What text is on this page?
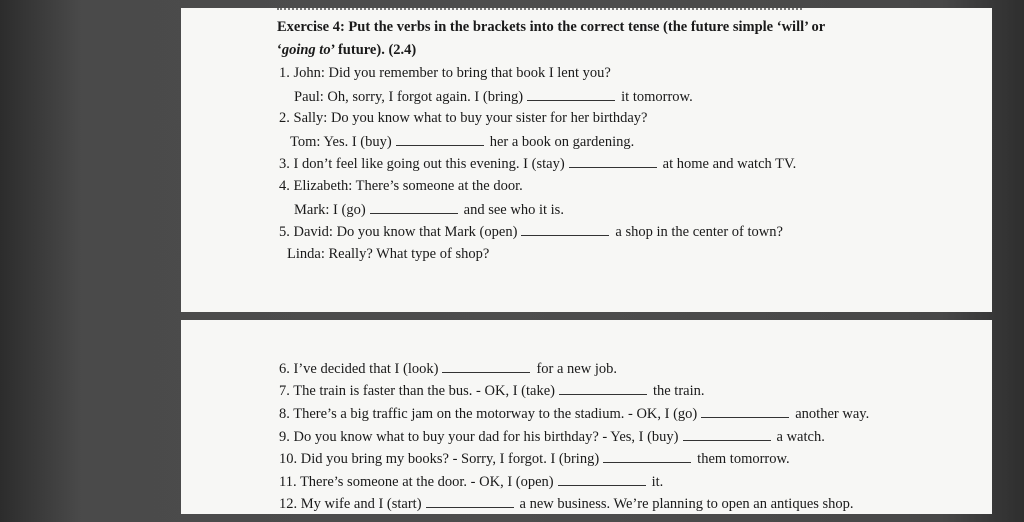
Exercise 4: Put the verbs in the brackets into the correct tense (the future simple ‘will’ or
‘going to’ future). (2.4)
1. John: Did you remember to bring that book I lent you?
Paul: Oh, sorry, I forgot again. I (bring)	it tomorrow.
2. Sally: Do you know what to buy your sister for her birthday?
Tom: Yes. I (buy)	her a book on gardening.
3. I don’t feel like going out this evening. I (stay)	at home and watch TV.
4. Elizabeth: There’s someone at the door.
Mark: I (go)	and see who it is.
5. David: Do you know that Mark (open)	a shop in the center of town?
Linda: Really? What type of shop?
6. I’ve decided that I (look)	for a new job.
7. The train is faster than the bus. - OK, I (take)	the train.
8. There’s a big traffic jam on the motorway to the stadium. - OK, I (go)	another way.
9. Do you know what to buy your dad for his birthday? - Yes, I (buy)	a watch.
10. Did you bring my books? - Sorry, I forgot. I (bring)	them tomorrow.
11. There’s someone at the door. - OK, I (open)	it.
12. My wife and I (start)	a new business. We’re planning to open an antiques shop.
